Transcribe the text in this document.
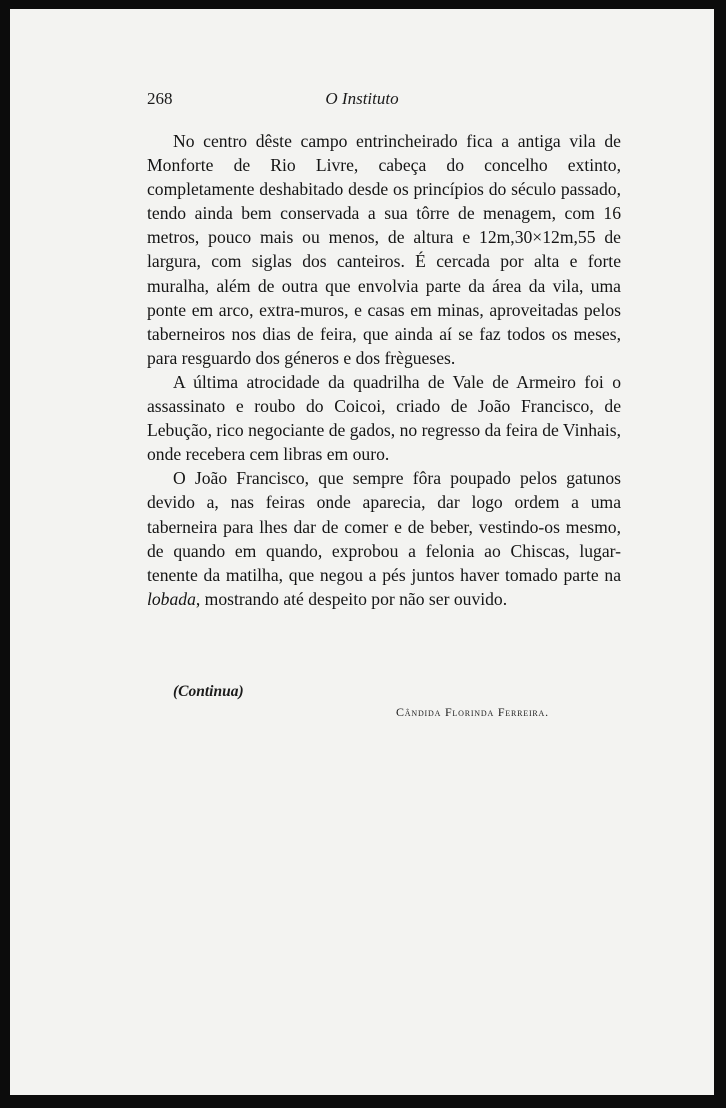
O Instituto
268

No centro dêste campo entrincheirado fica a antiga vila de Monforte de Rio Livre, cabeça do concelho extinto, completamente deshabitado desde os princípios do século passado, tendo ainda bem conservada a sua tôrre de menagem, com 16 metros, pouco mais ou menos, de altura e 12m,30×12m,55 de largura, com siglas dos canteiros. É cercada por alta e forte muralha, além de outra que envolvia parte da área da vila, uma ponte em arco, extra-muros, e casas em minas, aproveitadas pelos taberneiros nos dias de feira, que ainda aí se faz todos os meses, para resguardo dos géneros e dos frègueses.

A última atrocidade da quadrilha de Vale de Armeiro foi o assassinato e roubo do Coicoi, criado de João Francisco, de Lebução, rico negociante de gados, no regresso da feira de Vinhais, onde recebera cem libras em ouro.

O João Francisco, que sempre fôra poupado pelos gatunos devido a, nas feiras onde aparecia, dar logo ordem a uma taberneira para lhes dar de comer e de beber, vestindo-os mesmo, de quando em quando, exprobou a felonia ao Chiscas, lugar-tenente da matilha, que negou a pés juntos haver tomado parte na lobada, mostrando até despeito por não ser ouvido.

(Continua)
Cândida Florinda Ferreira.
